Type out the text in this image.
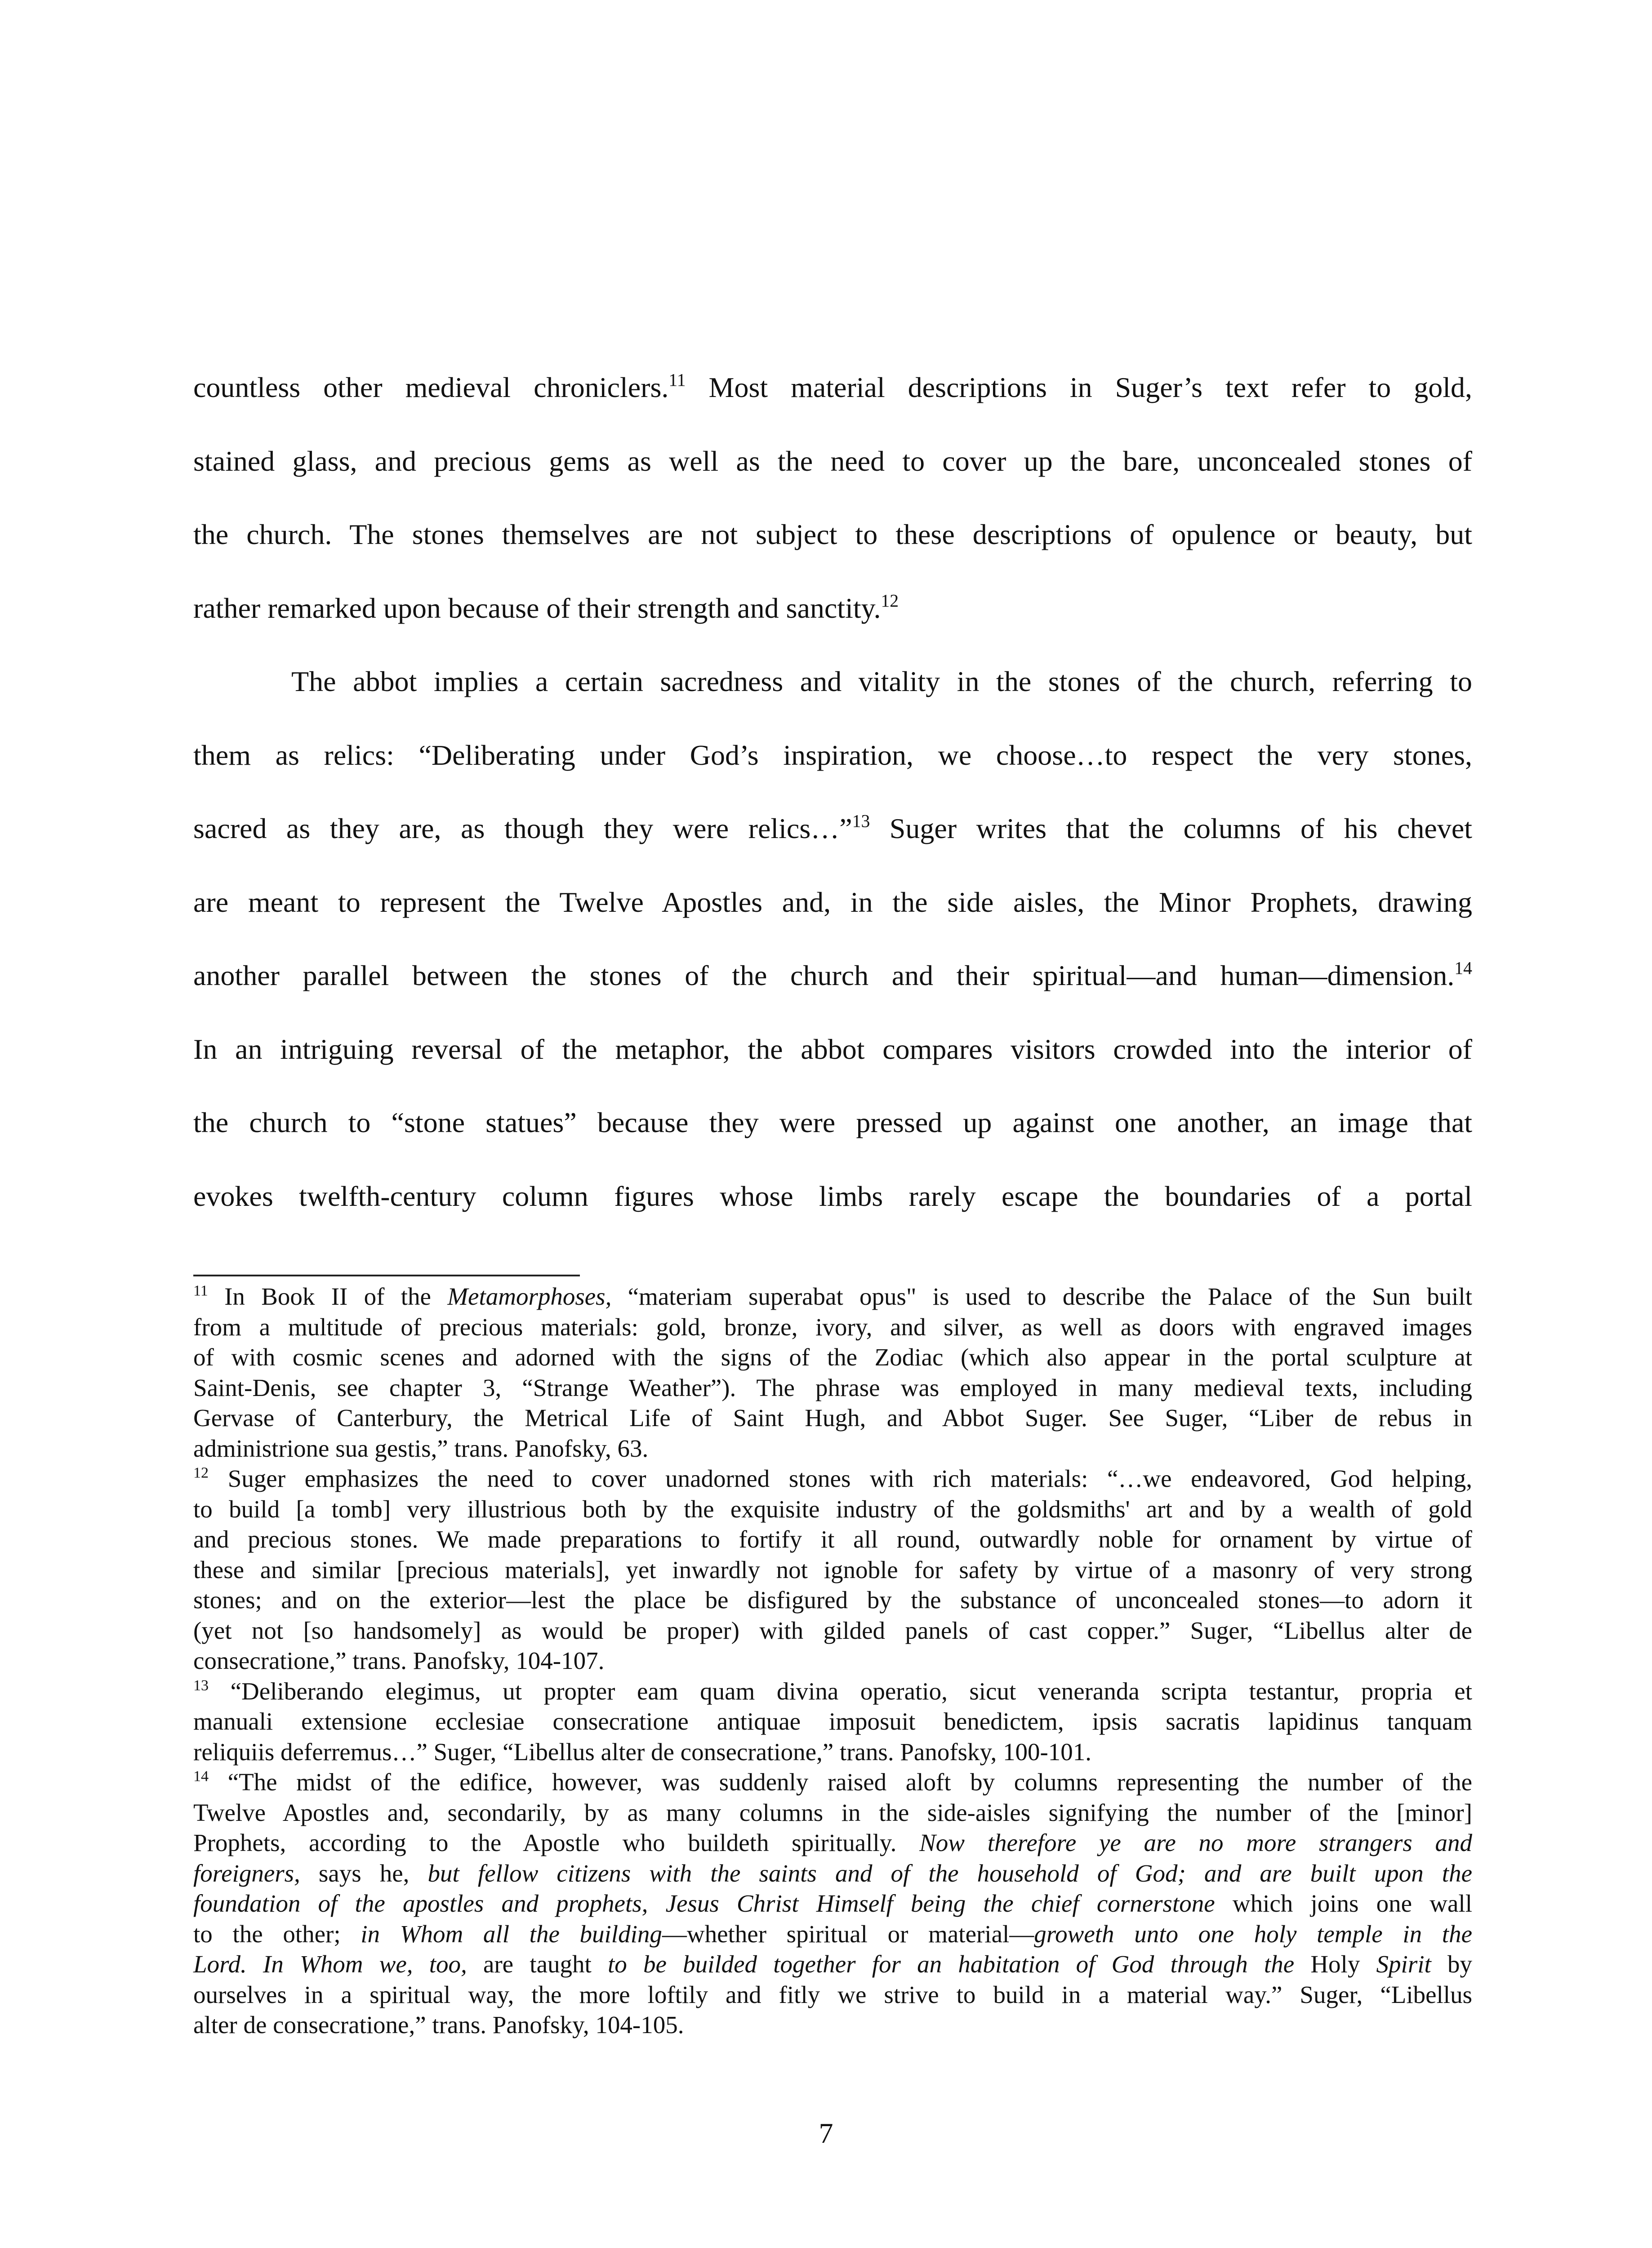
countless other medieval chroniclers.$^{11}$ Most material descriptions in Suger’s text refer to gold,
stained glass, and precious gems as well as the need to cover up the bare, unconcealed stones of
the church. The stones themselves are not subject to these descriptions of opulence or beauty, but
rather remarked upon because of their strength and sanctity.$^{12}$
The abbot implies a certain sacredness and vitality in the stones of the church, referring to
them as relics: “Deliberating under God’s inspiration, we choose…to respect the very stones,
sacred as they are, as though they were relics…”$^{13}$ Suger writes that the columns of his chevet
are meant to represent the Twelve Apostles and, in the side aisles, the Minor Prophets, drawing
another parallel between the stones of the church and their spiritual—and human—dimension.$^{14}$
In an intriguing reversal of the metaphor, the abbot compares visitors crowded into the interior of
the church to “stone statues” because they were pressed up against one another, an image that
evokes twelfth-century column figures whose limbs rarely escape the boundaries of a portal
$^{11}$ In Book II of the Metamorphoses, “materiam superabat opus" is used to describe the Palace of the Sun built
from a multitude of precious materials: gold, bronze, ivory, and silver, as well as doors with engraved images
of with cosmic scenes and adorned with the signs of the Zodiac (which also appear in the portal sculpture at
Saint-Denis, see chapter 3, “Strange Weather”). The phrase was employed in many medieval texts, including
Gervase of Canterbury, the Metrical Life of Saint Hugh, and Abbot Suger. See Suger, “Liber de rebus in
administrione sua gestis,” trans. Panofsky, 63.
$^{12}$ Suger emphasizes the need to cover unadorned stones with rich materials: “…we endeavored, God helping,
to build [a tomb] very illustrious both by the exquisite industry of the goldsmiths' art and by a wealth of gold
and precious stones. We made preparations to fortify it all round, outwardly noble for ornament by virtue of
these and similar [precious materials], yet inwardly not ignoble for safety by virtue of a masonry of very strong
stones; and on the exterior—lest the place be disfigured by the substance of unconcealed stones—to adorn it
(yet not [so handsomely] as would be proper) with gilded panels of cast copper.” Suger, “Libellus alter de
consecratione,” trans. Panofsky, 104-107.
$^{13}$ “Deliberando elegimus, ut propter eam quam divina operatio, sicut veneranda scripta testantur, propria et
manuali extensione ecclesiae consecratione antiquae imposuit benedictem, ipsis sacratis lapidinus tanquam
reliquiis deferremus…” Suger, “Libellus alter de consecratione,” trans. Panofsky, 100-101.
$^{14}$ “The midst of the edifice, however, was suddenly raised aloft by columns representing the number of the
Twelve Apostles and, secondarily, by as many columns in the side-aisles signifying the number of the [minor]
Prophets, according to the Apostle who buildeth spiritually. Now therefore ye are no more strangers and
foreigners, says he, but fellow citizens with the saints and of the household of God; and are built upon the
foundation of the apostles and prophets, Jesus Christ Himself being the chief cornerstone which joins one wall
to the other; in Whom all the building—whether spiritual or material—groweth unto one holy temple in the
Lord. In Whom we, too, are taught to be builded together for an habitation of God through the Holy Spirit by
ourselves in a spiritual way, the more loftily and fitly we strive to build in a material way.” Suger, “Libellus
alter de consecratione,” trans. Panofsky, 104-105.
7
